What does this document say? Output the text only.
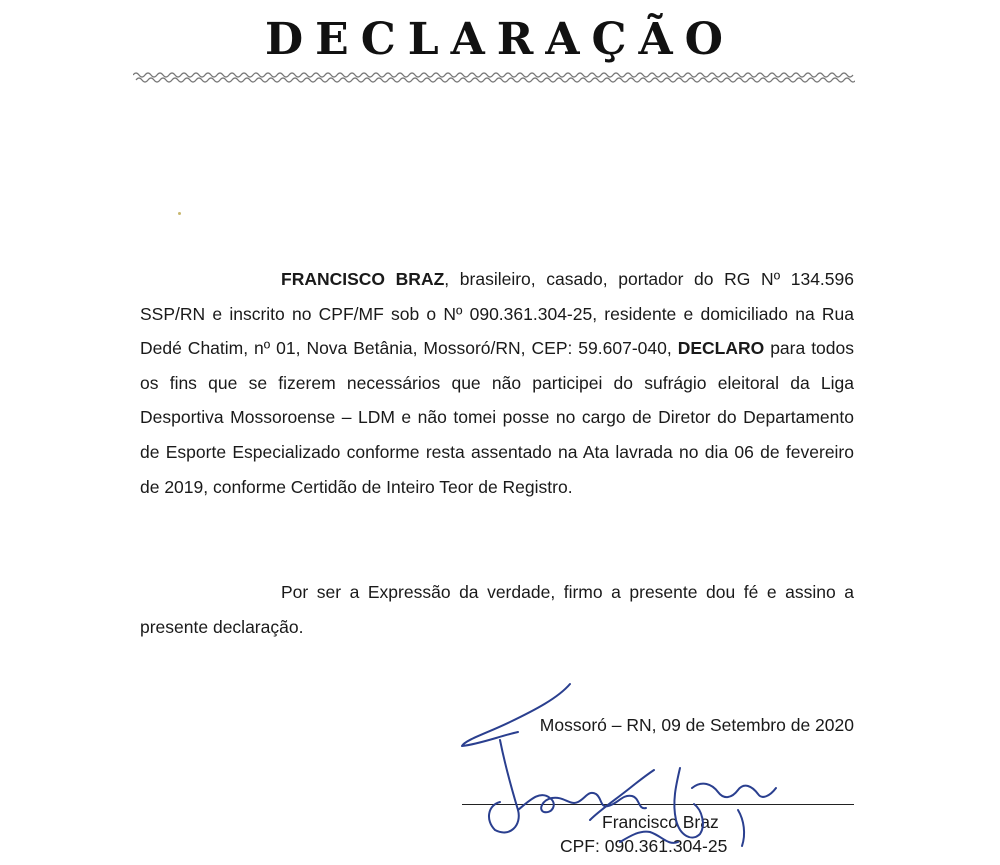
DECLARAÇÃO
FRANCISCO BRAZ, brasileiro, casado, portador do RG Nº 134.596 SSP/RN e inscrito no CPF/MF sob o Nº 090.361.304-25, residente e domiciliado na Rua Dedé Chatim, nº 01, Nova Betânia, Mossoró/RN, CEP: 59.607-040, DECLARO para todos os fins que se fizerem necessários que não participei do sufrágio eleitoral da Liga Desportiva Mossoroense – LDM e não tomei posse no cargo de Diretor do Departamento de Esporte Especializado conforme resta assentado na Ata lavrada no dia 06 de fevereiro de 2019, conforme Certidão de Inteiro Teor de Registro.
Por ser a Expressão da verdade, firmo a presente dou fé e assino a presente declaração.
Mossoró – RN, 09 de Setembro de 2020
Francisco Braz
CPF: 090.361.304-25
